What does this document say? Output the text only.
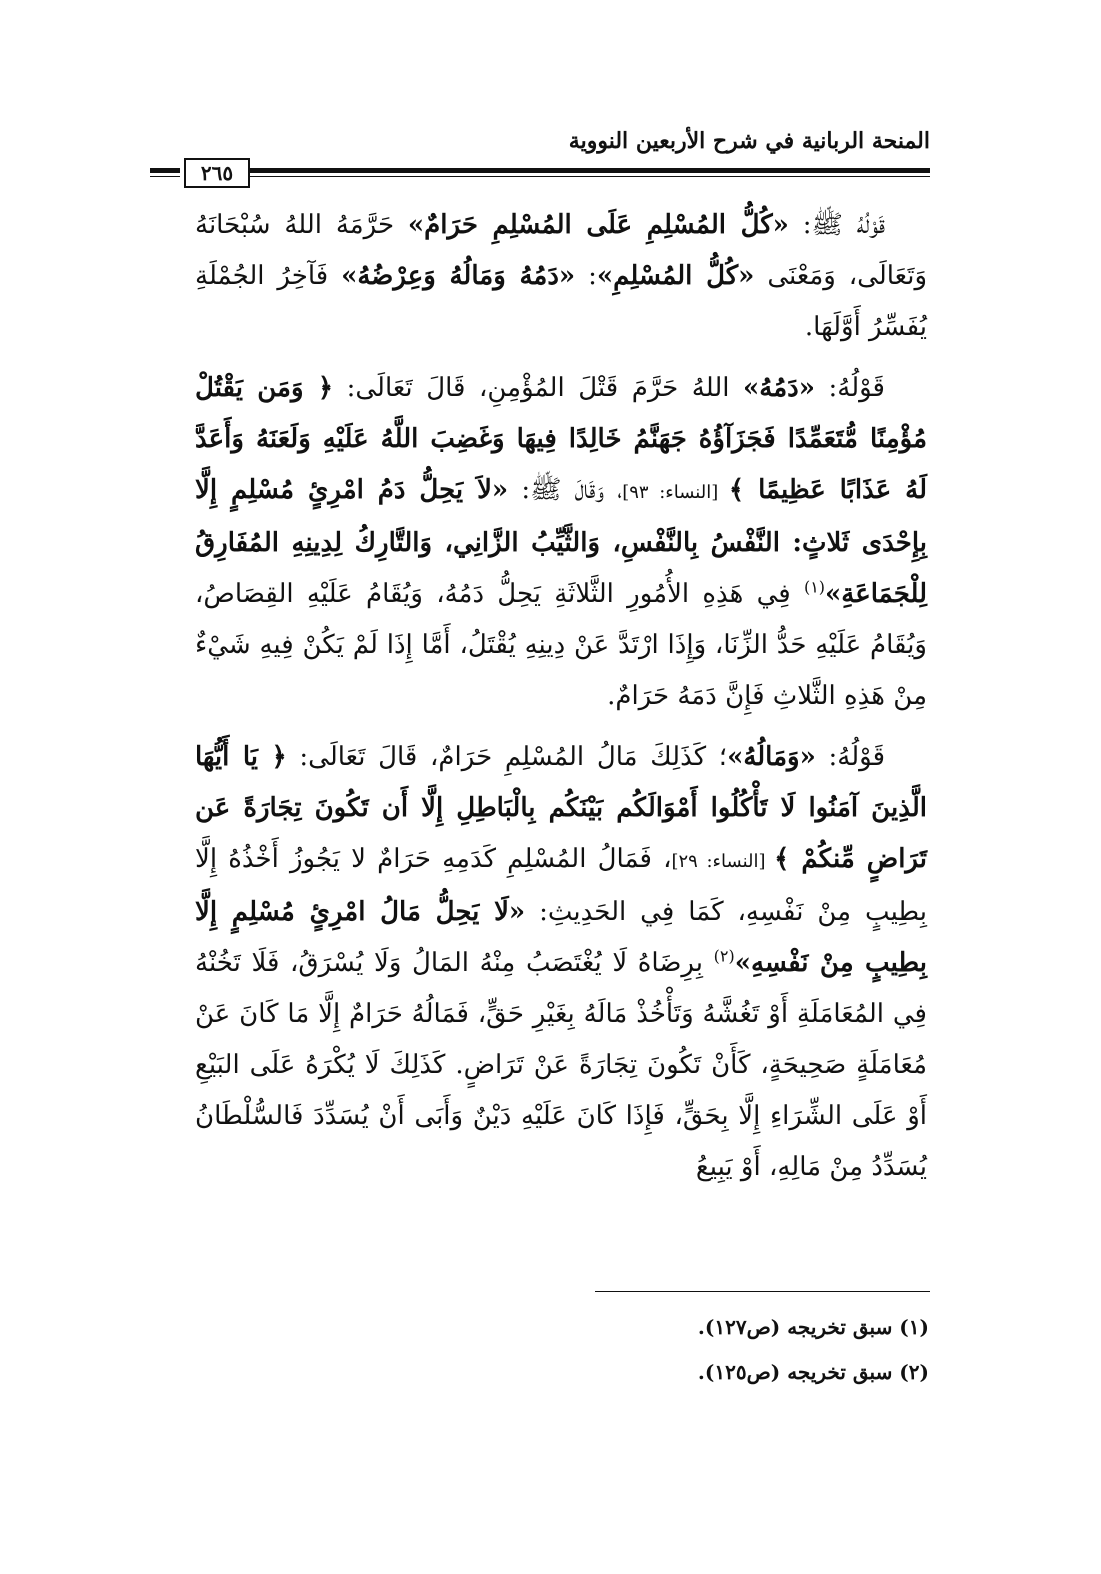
المنحة الربانية في شرح الأربعين النووية
٢٦٥

قَوْلُهُ ﷺ: «كُلُّ المُسْلِمِ عَلَى المُسْلِمِ حَرَامٌ» حَرَّمَهُ اللهُ سُبْحَانَهُ وَتَعَالَى، وَمَعْنَى «كُلُّ المُسْلِمِ»: «دَمُهُ وَمَالُهُ وَعِرْضُهُ» فَآخِرُ الجُمْلَةِ يُفَسِّرُ أَوَّلَهَا.

قَوْلُهُ: «دَمُهُ» اللهُ حَرَّمَ قَتْلَ المُؤْمِنِ، قَالَ تَعَالَى: ﴿ وَمَن يَقْتُلْ مُؤْمِنًا مُّتَعَمِّدًا فَجَزَآؤُهُ جَهَنَّمُ خَالِدًا فِيهَا وَغَضِبَ اللَّهُ عَلَيْهِ وَلَعَنَهُ وَأَعَدَّ لَهُ عَذَابًا عَظِيمًا ﴾ [النساء: ٩٣]، وَقَالَ ﷺ: «لاَ يَحِلُّ دَمُ امْرِئٍ مُسْلِمٍ إِلَّا بِإِحْدَى ثَلاثٍ: النَّفْسُ بِالنَّفْسِ، وَالثَّيِّبُ الزَّانِي، وَالتَّارِكُ لِدِينِهِ المُفَارِقُ لِلْجَمَاعَةِ»$^{(١)}$ فِي هَذِهِ الأُمُورِ الثَّلاثَةِ يَحِلُّ دَمُهُ، وَيُقَامُ عَلَيْهِ القِصَاصُ، وَيُقَامُ عَلَيْهِ حَدُّ الزِّنَا، وَإِذَا ارْتَدَّ عَنْ دِينِهِ يُقْتَلُ، أَمَّا إِذَا لَمْ يَكُنْ فِيهِ شَيْءٌ مِنْ هَذِهِ الثَّلاثِ فَإِنَّ دَمَهُ حَرَامٌ.

قَوْلُهُ: «وَمَالُهُ»؛ كَذَلِكَ مَالُ المُسْلِمِ حَرَامٌ، قَالَ تَعَالَى: ﴿ يَا أَيُّهَا الَّذِينَ آمَنُوا لَا تَأْكُلُوا أَمْوَالَكُم بَيْنَكُم بِالْبَاطِلِ إِلَّا أَن تَكُونَ تِجَارَةً عَن تَرَاضٍ مِّنكُمْ ﴾ [النساء: ٢٩]، فَمَالُ المُسْلِمِ كَدَمِهِ حَرَامٌ لا يَجُوزُ أَخْذُهُ إِلَّا بِطِيبٍ مِنْ نَفْسِهِ، كَمَا فِي الحَدِيثِ: «لَا يَحِلُّ مَالُ امْرِئٍ مُسْلِمٍ إِلَّا بِطِيبٍ مِنْ نَفْسِهِ»$^{(٢)}$ بِرِضَاهُ لَا يُغْتَصَبُ مِنْهُ المَالُ وَلَا يُسْرَقُ، فَلَا تَخُنْهُ فِي المُعَامَلَةِ أَوْ تَغُشَّهُ وَتَأْخُذْ مَالَهُ بِغَيْرِ حَقٍّ، فَمَالُهُ حَرَامٌ إِلَّا مَا كَانَ عَنْ مُعَامَلَةٍ صَحِيحَةٍ، كَأَنْ تَكُونَ تِجَارَةً عَنْ تَرَاضٍ. كَذَلِكَ لَا يُكْرَهُ عَلَى البَيْعِ أَوْ عَلَى الشِّرَاءِ إِلَّا بِحَقٍّ، فَإِذَا كَانَ عَلَيْهِ دَيْنٌ وَأَبَى أَنْ يُسَدِّدَ فَالسُّلْطَانُ يُسَدِّدُ مِنْ مَالِهِ، أَوْ يَبِيعُ

(١) سبق تخريجه (ص١٢٧).
(٢) سبق تخريجه (ص١٢٥).
